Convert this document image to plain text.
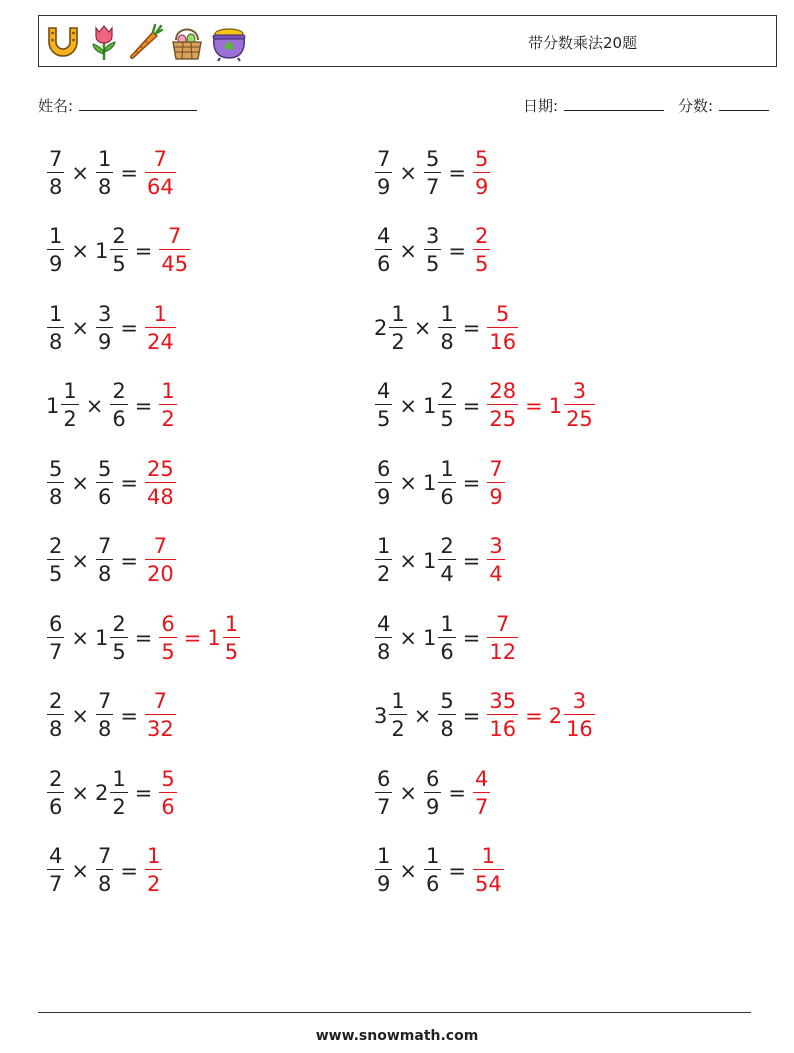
带分数乘法20题
姓名:	日期:	分数:
$\frac{7}{8} \times \frac{1}{8} = \frac{7}{64}$	$\frac{7}{9} \times \frac{5}{7} = \frac{5}{9}$
$\frac{1}{9} \times 1 \frac{2}{5} = \frac{7}{45}$	$\frac{4}{6} \times \frac{3}{5} = \frac{2}{5}$
$\frac{1}{8} \times \frac{3}{9} = \frac{1}{24}$	$2 \frac{1}{2} \times \frac{1}{8} = \frac{5}{16}$
$1 \frac{1}{2} \times \frac{2}{6} = \frac{1}{2}$	$\frac{4}{5} \times 1 \frac{2}{5} = \frac{28}{25} = 1 \frac{3}{25}$
$\frac{5}{8} \times \frac{5}{6} = \frac{25}{48}$	$\frac{6}{9} \times 1 \frac{1}{6} = \frac{7}{9}$
$\frac{2}{5} \times \frac{7}{8} = \frac{7}{20}$	$\frac{1}{2} \times 1 \frac{2}{4} = \frac{3}{4}$
$\frac{6}{7} \times 1 \frac{2}{5} = \frac{6}{5} = 1 \frac{1}{5}$	$\frac{4}{8} \times 1 \frac{1}{6} = \frac{7}{12}$
$\frac{2}{8} \times \frac{7}{8} = \frac{7}{32}$	$3 \frac{1}{2} \times \frac{5}{8} = \frac{35}{16} = 2 \frac{3}{16}$
$\frac{2}{6} \times 2 \frac{1}{2} = \frac{5}{6}$	$\frac{6}{7} \times \frac{6}{9} = \frac{4}{7}$
$\frac{4}{7} \times \frac{7}{8} = \frac{1}{2}$	$\frac{1}{9} \times \frac{1}{6} = \frac{1}{54}$
www.snowmath.com
